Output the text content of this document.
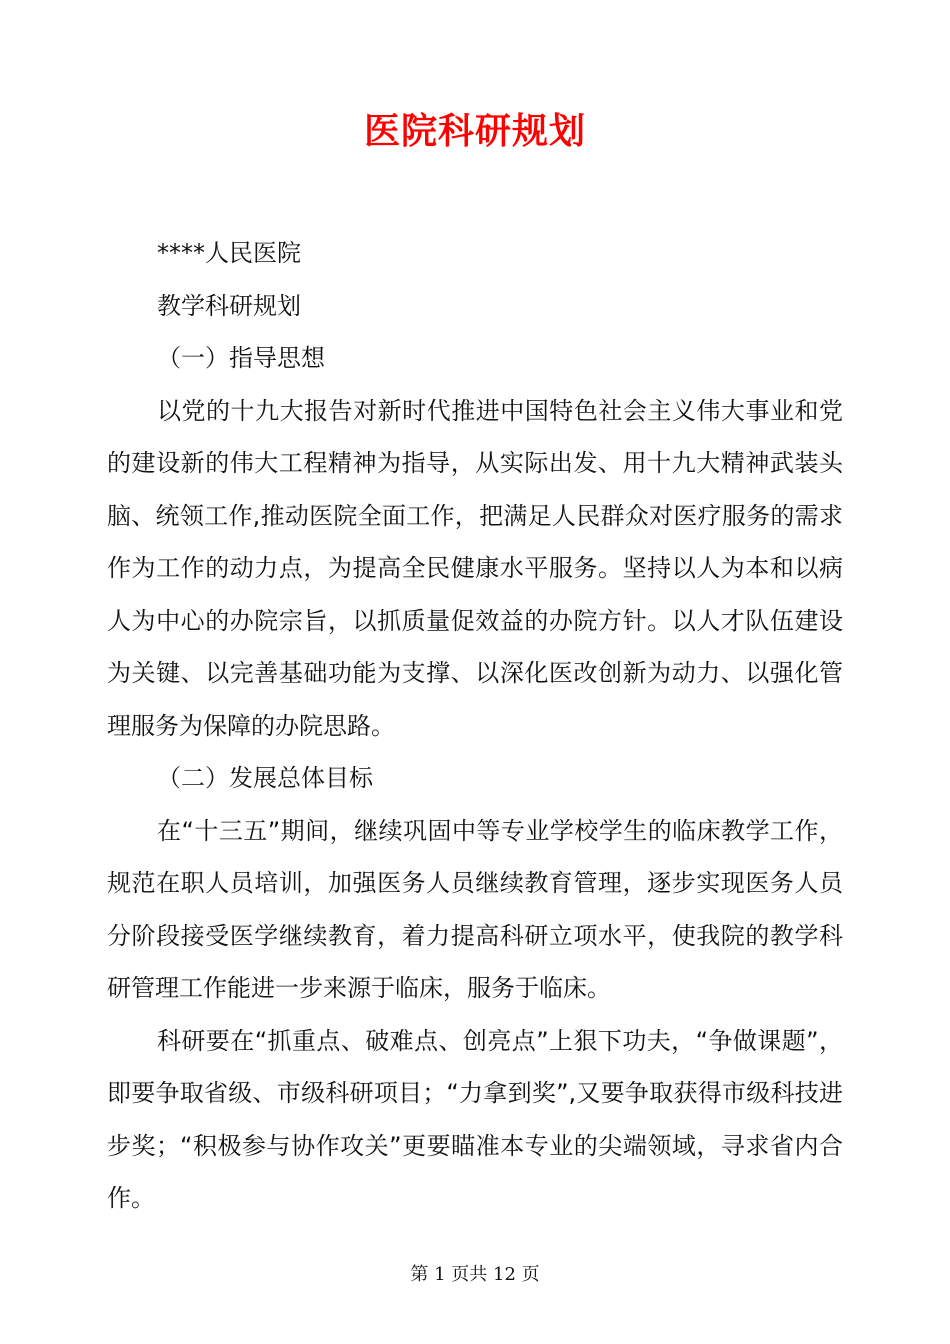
医院科研规划

****人民医院

教学科研规划

（一）指导思想

以党的十九大报告对新时代推进中国特色社会主义伟大事业和党的建设新的伟大工程精神为指导，从实际出发、用十九大精神武装头脑、统领工作,推动医院全面工作，把满足人民群众对医疗服务的需求作为工作的动力点，为提高全民健康水平服务。坚持以人为本和以病人为中心的办院宗旨，以抓质量促效益的办院方针。以人才队伍建设为关键、以完善基础功能为支撑、以深化医改创新为动力、以强化管理服务为保障的办院思路。

（二）发展总体目标

在“十三五”期间，继续巩固中等专业学校学生的临床教学工作，规范在职人员培训，加强医务人员继续教育管理，逐步实现医务人员分阶段接受医学继续教育，着力提高科研立项水平，使我院的教学科研管理工作能进一步来源于临床，服务于临床。

科研要在“抓重点、破难点、创亮点”上狠下功夫，“争做课题”，即要争取省级、市级科研项目；“力拿到奖”,又要争取获得市级科技进步奖；“积极参与协作攻关”更要瞄准本专业的尖端领域，寻求省内合作。

第 1 页共 12 页
